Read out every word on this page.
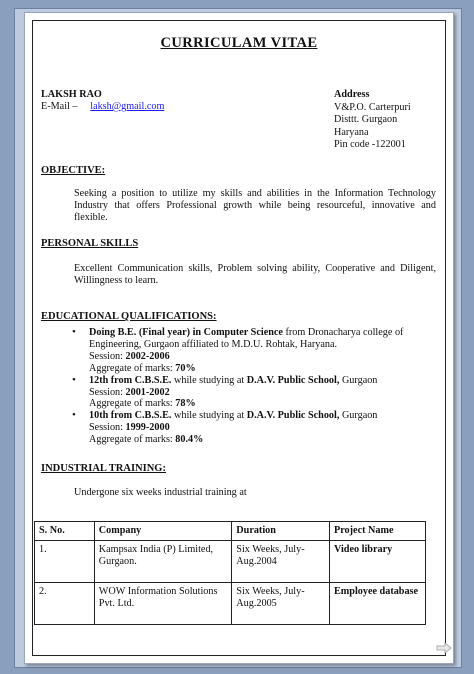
CURRICULAM VITAE
LAKSH RAO
E-Mail – laksh@gmail.com
Address
V&P.O. Carterpuri
Disttt. Gurgaon
Haryana
Pin code -122001
OBJECTIVE:
Seeking a position to utilize my skills and abilities in the Information Technology Industry that offers Professional growth while being resourceful, innovative and flexible.
PERSONAL SKILLS
Excellent Communication skills, Problem solving ability, Cooperative and Diligent, Willingness to learn.
EDUCATIONAL QUALIFICATIONS:
• Doing B.E. (Final year) in Computer Science from Dronacharya college of Engineering, Gurgaon affiliated to M.D.U. Rohtak, Haryana.
Session: 2002-2006
Aggregate of marks: 70%
• 12th from C.B.S.E. while studying at D.A.V. Public School, Gurgaon
Session: 2001-2002
Aggregate of marks: 78%
• 10th from C.B.S.E. while studying at D.A.V. Public School, Gurgaon
Session: 1999-2000
Aggregate of marks: 80.4%
INDUSTRIAL TRAINING:
Undergone six weeks industrial training at
S. No.	Company	Duration	Project Name
1.	Kampsax India (P) Limited, Gurgaon.	Six Weeks, July-Aug.2004	Video library
2.	WOW Information Solutions Pvt. Ltd.	Six Weeks, July-Aug.2005	Employee database
